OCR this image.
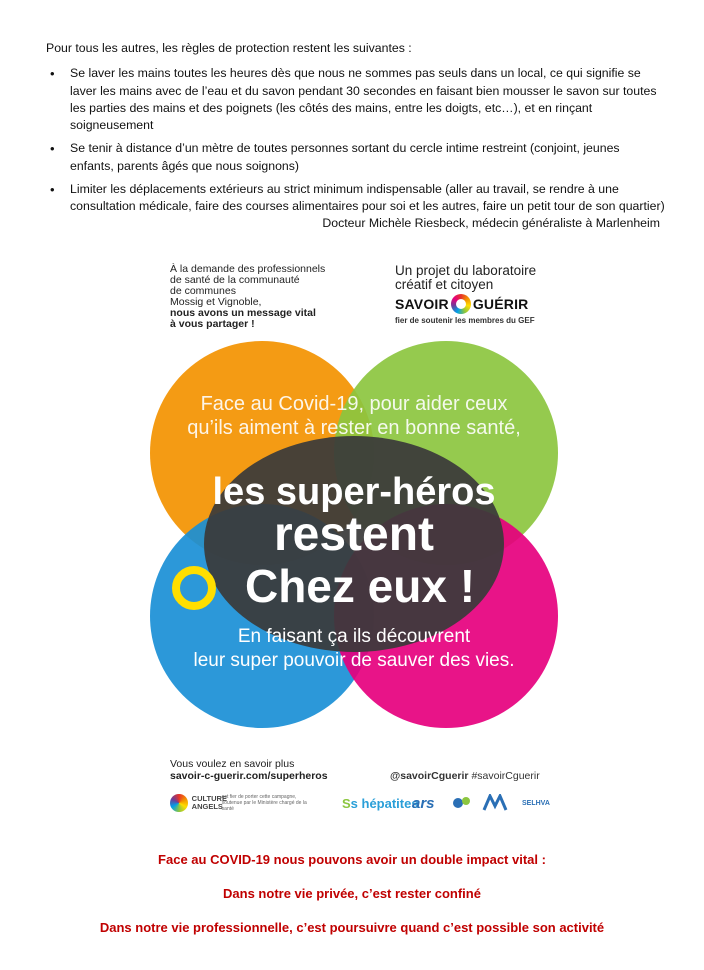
Pour tous les autres, les règles de protection restent les suivantes :

• Se laver les mains toutes les heures dès que nous ne sommes pas seuls dans un local, ce qui signifie se laver les mains avec de l’eau et du savon pendant 30 secondes en faisant bien mousser le savon sur toutes les parties des mains et des poignets (les côtés des mains, entre les doigts, etc…), et en rinçant soigneusement
• Se tenir à distance d’un mètre de toutes personnes sortant du cercle intime restreint (conjoint, jeunes enfants, parents âgés que nous soignons)
• Limiter les déplacements extérieurs au strict minimum indispensable (aller au travail, se rendre à une consultation médicale, faire des courses alimentaires pour soi et les autres, faire un petit tour de son quartier)
Docteur Michèle Riesbeck, médecin généraliste à Marlenheim
À la demande des professionnels
de santé de la communauté
de communes
Mossig et Vignoble,
nous avons un message vital
à vous partager !
Un projet du laboratoire
créatif et citoyen
SAVOIR GUÉRIR
fier de soutenir les membres du GEF
Face au Covid-19, pour aider ceux
qu’ils aiment à rester en bonne santé,
les super-héros
restent
Chez eux !
En faisant ça ils découvrent
leur super pouvoir de sauver des vies.
Vous voulez en savoir plus
savoir-c-guerir.com/superheros	@savoirCguerir #savoirCguerir
CULTURE ANGELS
est fier de porter cette campagne, soutenue par le Ministère chargé de la santé	S s hépatites
ars	SELHVA
Face au COVID-19 nous pouvons avoir un double impact vital :
Dans notre vie privée, c’est rester confiné
Dans notre vie professionnelle, c’est poursuivre quand c’est possible son activité
